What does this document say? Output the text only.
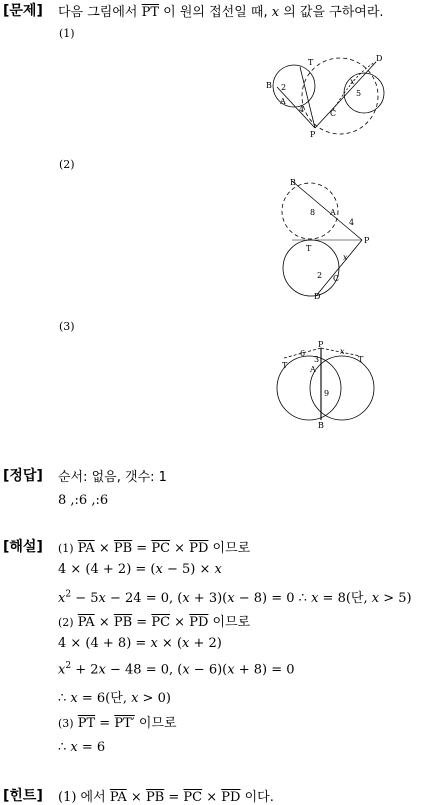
[문제] 다음 그림에서 $\overline{PT}$ 이 원의 접선일 때, x 의 값을 구하여라.
(1)
T	D
B
A
P
C
2
4
x
5
(2)
B
A
P
T
C
D
8
4
x
2
(3)
P
T
T
A
B
6
3
x
9
[정답] 순서: 없음, 갯수: 1
8 ,:6 ,:6
[해설] (1) $\overline{PA} \times \overline{PB} = \overline{PC} \times \overline{PD}$ 이므로
4 × (4 + 2) = (x − 5) × x
$x^2 - 5x - 24 = 0$, (x + 3)(x − 8) = 0 ∴ x = 8(단, x > 5)
(2) $\overline{PA} \times \overline{PB} = \overline{PC} \times \overline{PD}$ 이므로
4 × (4 + 8) = x × (x + 2)
$x^2 + 2x - 48 = 0$, (x − 6)(x + 8) = 0
∴ x = 6(단, x > 0)
(3) $\overline{PT} = PT'$ 이므로
∴ x = 6
[힌트] (1) 에서 $\overline{PA} \times \overline{PB} = \overline{PC} \times \overline{PD}$ 이다.
